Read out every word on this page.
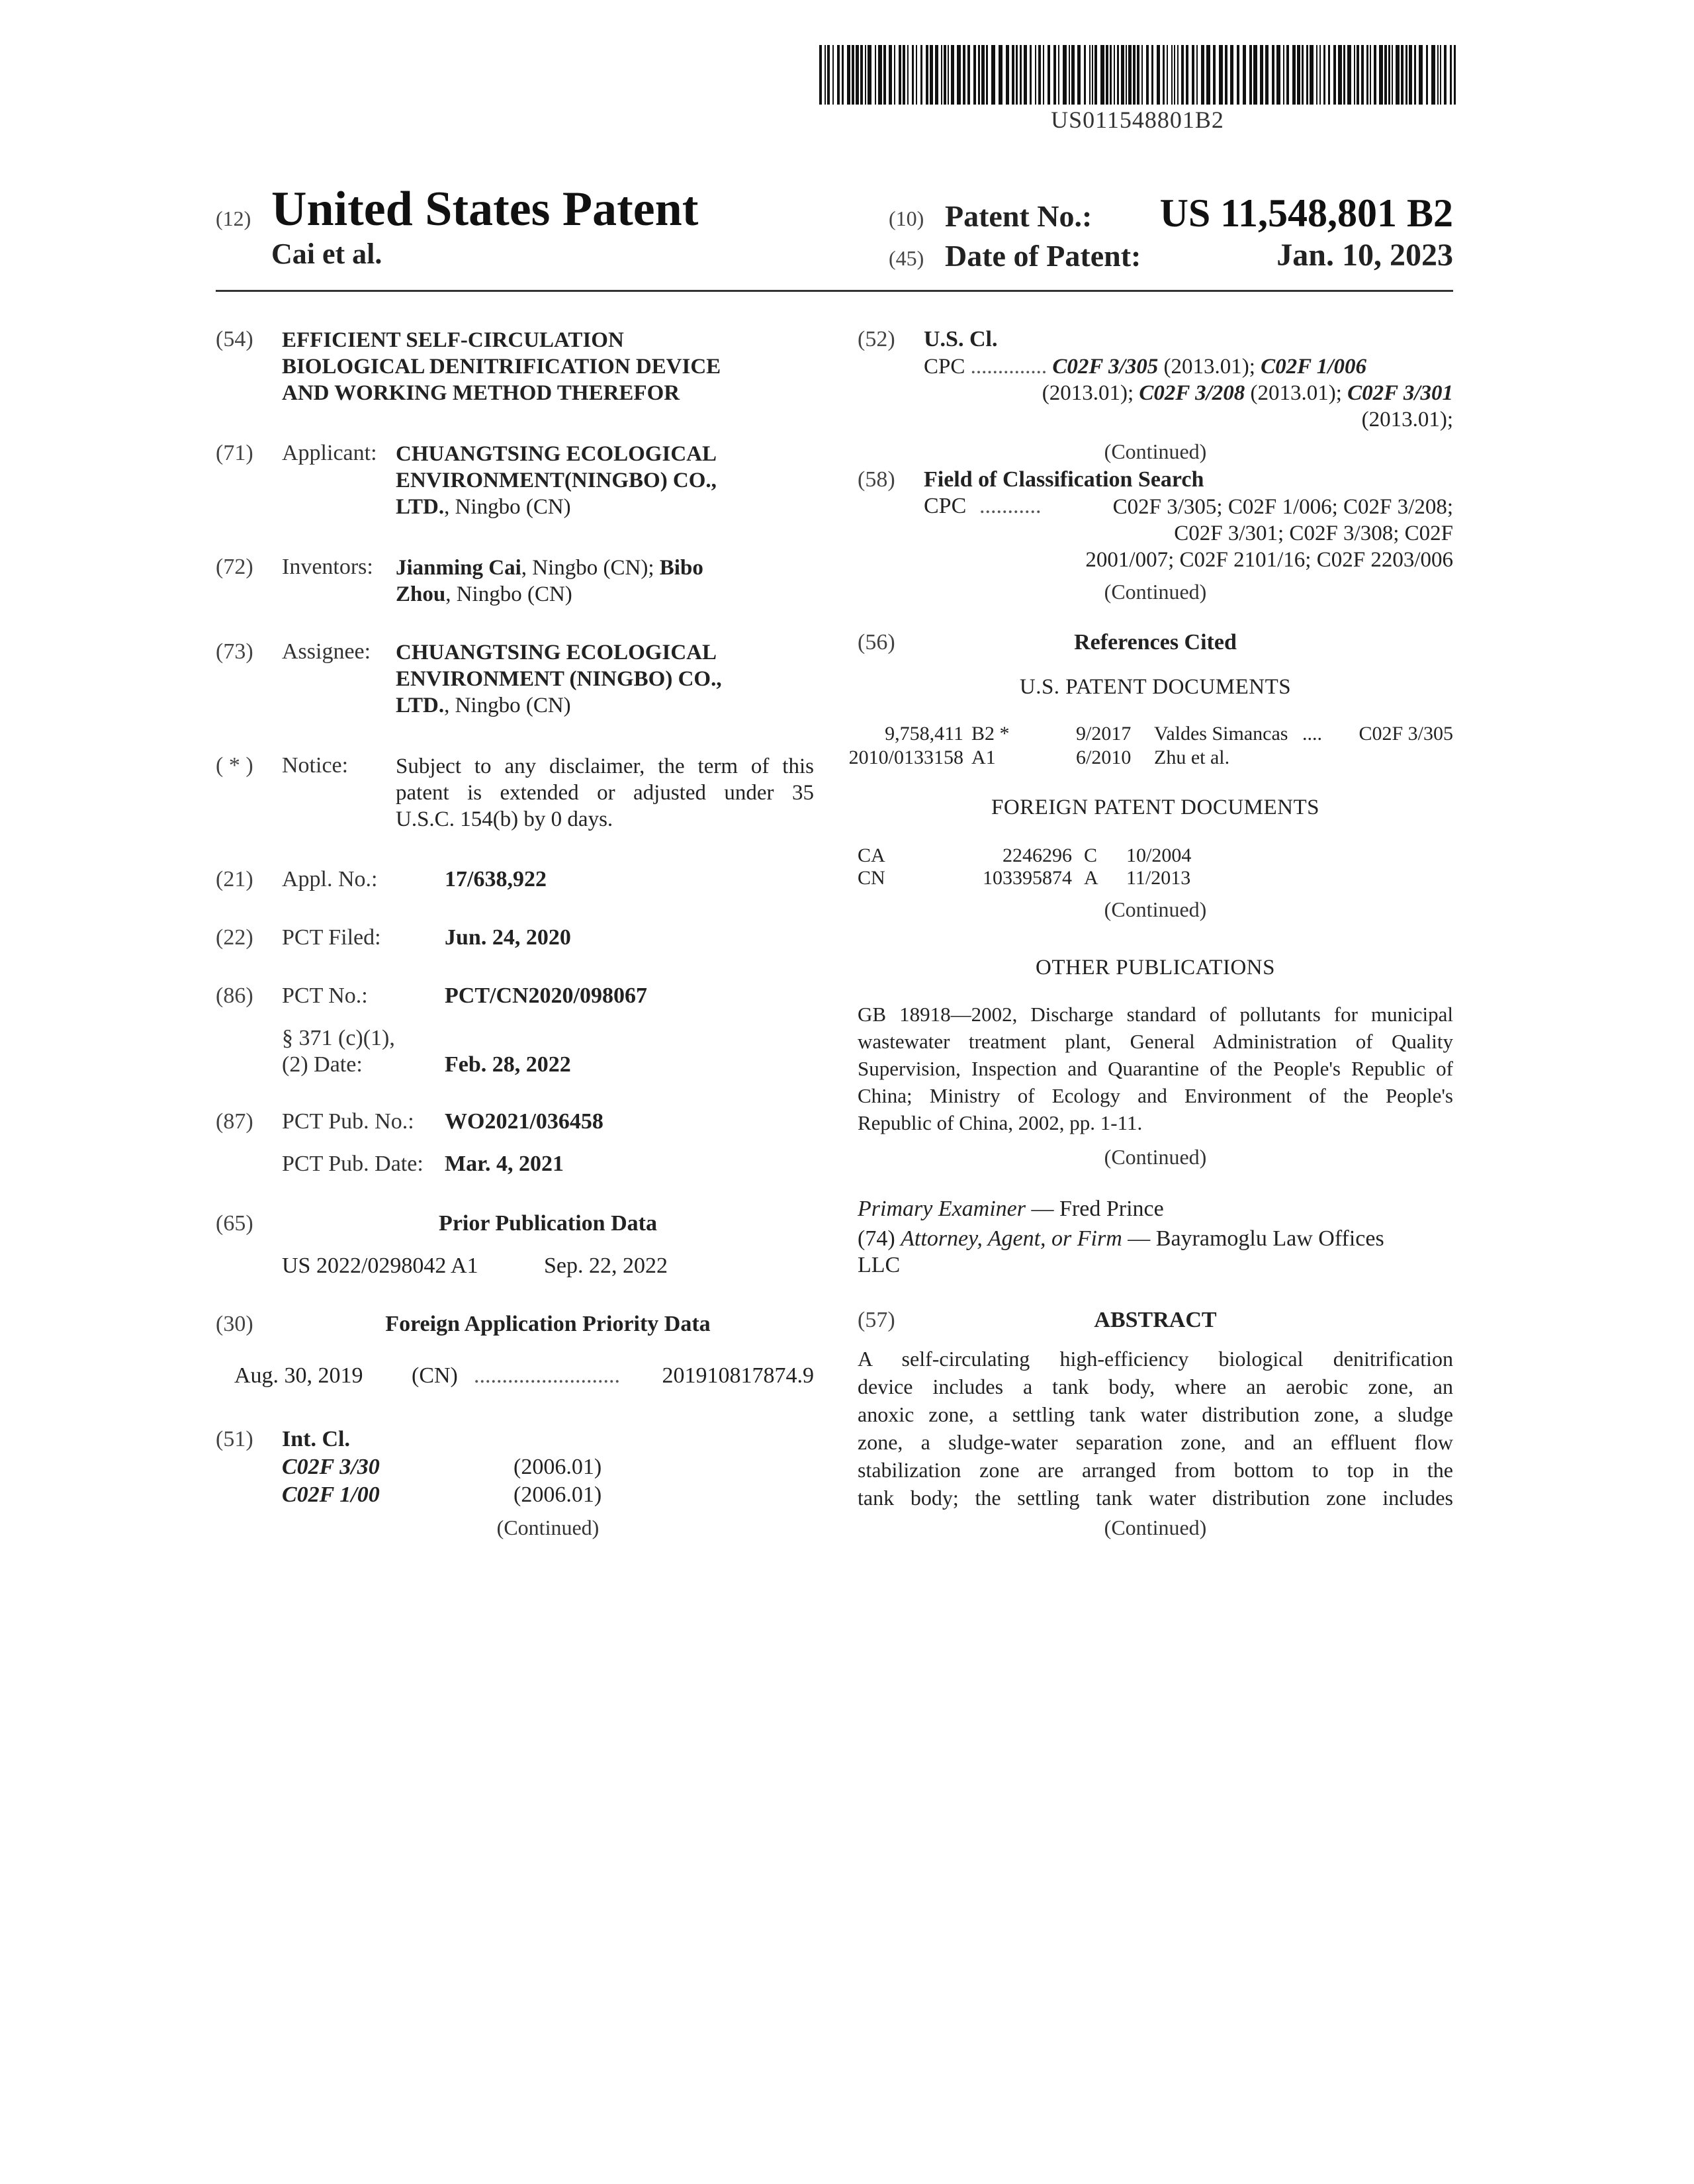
US011548801B2
(12) United States Patent
Cai et al.
(10) Patent No.: US 11,548,801 B2
(45) Date of Patent:	Jan. 10, 2023
(54) EFFICIENT SELF-CIRCULATION
BIOLOGICAL DENITRIFICATION DEVICE
AND WORKING METHOD THEREFOR
(71) Applicant: CHUANGTSING ECOLOGICAL
ENVIRONMENT(NINGBO) CO.,
LTD., Ningbo (CN)
(72) Inventors: Jianming Cai, Ningbo (CN); Bibo
Zhou, Ningbo (CN)
(73) Assignee: CHUANGTSING ECOLOGICAL
ENVIRONMENT (NINGBO) CO.,
LTD., Ningbo (CN)
( * ) Notice: Subject to any disclaimer, the term of this
patent is extended or adjusted under 35
U.S.C. 154(b) by 0 days.
(21) Appl. No.:	17/638,922
(22) PCT Filed:	Jun. 24, 2020
(86) PCT No.:	PCT/CN2020/098067
§ 371 (c)(1),
(2) Date:	Feb. 28, 2022
(87) PCT Pub. No.: WO2021/036458
PCT Pub. Date: Mar. 4, 2021
(65)	Prior Publication Data
US 2022/0298042 A1	Sep. 22, 2022
(30)	Foreign Application Priority Data
Aug. 30, 2019 (CN) .......................... 201910817874.9
(51) Int. Cl.
C02F 3/30	(2006.01)
C02F 1/00	(2006.01)
(Continued)
(52) U.S. Cl.
CPC .............. C02F 3/305 (2013.01); C02F 1/006
(2013.01); C02F 3/208 (2013.01); C02F 3/301
(2013.01);
(Continued)
(58) Field of Classification Search
CPC ...........	C02F 3/305; C02F 1/006; C02F 3/208;
C02F 3/301; C02F 3/308; C02F
2001/007; C02F 2101/16; C02F 2203/006
(Continued)
(56)	References Cited
U.S. PATENT DOCUMENTS
9,758,411 B2 *	9/2017 Valdes Simancas .... C02F 3/305
2010/0133158 A1	6/2010 Zhu et al.
FOREIGN PATENT DOCUMENTS
CA	2246296 C 10/2004
CN	103395874 A 11/2013
(Continued)
OTHER PUBLICATIONS
GB 18918—2002, Discharge standard of pollutants for municipal
wastewater treatment plant, General Administration of Quality
Supervision, Inspection and Quarantine of the People's Republic of
China; Ministry of Ecology and Environment of the People's
Republic of China, 2002, pp. 1-11.
(Continued)
Primary Examiner — Fred Prince
(74) Attorney, Agent, or Firm — Bayramoglu Law Offices
LLC
(57)	ABSTRACT
A self-circulating high-efficiency biological denitrification
device includes a tank body, where an aerobic zone, an
anoxic zone, a settling tank water distribution zone, a sludge
zone, a sludge-water separation zone, and an effluent flow
stabilization zone are arranged from bottom to top in the
tank body; the settling tank water distribution zone includes
(Continued)
